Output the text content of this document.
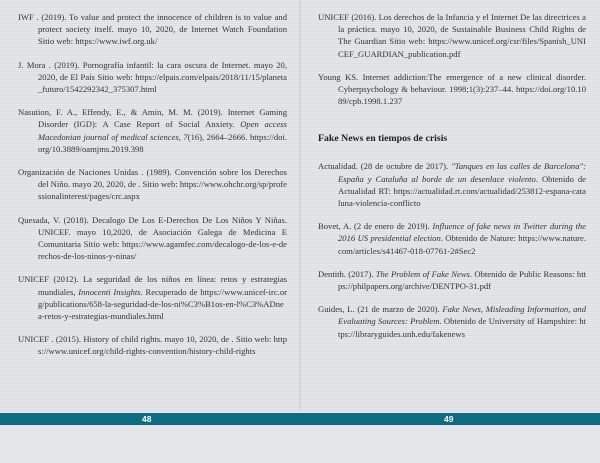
IWF . (2019). To value and protect the innocence of children is to value and protect society itself. mayo 10, 2020, de Internet Watch Foundation Sitio web: https://www.iwf.org.uk/

J. Mora . (2019). Pornografía infantil: la cara oscura de Internet. mayo 20, 2020, de El País Sitio web: https://elpais.com/elpais/2018/11/15/planeta_futuro/1542292342_375307.html

Nasution, F. A., Effendy, E., & Amin, M. M. (2019). Internet Gaming Disorder (IGD): A Case Report of Social Anxiety. Open access Macedonian journal of medical sciences, 7(16), 2664–2666. https://doi.org/10.3889/oamjms.2019.398

Organización de Naciones Unidas . (1989). Convención sobre los Derechos del Niño. mayo 20, 2020, de . Sitio web: https://www.ohchr.org/sp/professionalinterest/pages/crc.aspx

Quesada, V. (2018). Decalogo De Los E-Derechos De Los Niños Y Niñas. UNICEF. mayo 10,2020, de Asociación Galega de Medicina E Comunitaria Sitio web: https://www.agamfec.com/decalogo-de-los-e-derechos-de-los-ninos-y-ninas/

UNICEF (2012). La seguridad de los niños en línea: retos y estrategias mundiales, Innocenti Insights. Recuperado de https://www.unicef-irc.org/publications/658-la-seguridad-de-los-ni%C3%B1os-en-l%C3%ADnea-retos-y-estrategias-mundiales.html

UNICEF . (2015). History of child rights. mayo 10, 2020, de . Sitio web: https://www.unicef.org/child-rights-convention/history-child-rights

UNICEF (2016). Los derechos de la Infancia y el Internet De las directrices a la práctica. mayo 10, 2020, de Sustainable Business Child Rights de The Guardian Sitio web: https://www.unicef.org/csr/files/Spanish_UNICEF_GUARDIAN_publication.pdf

Young KS. Internet addiction:The emergence of a new clinical disorder. Cyberpsychology & behaviour. 1998;1(3):237–44. https://doi.org/10.1089/cpb.1998.1.237

Fake News en tiempos de crisis

Actualidad. (28 de octubre de 2017). "Tanques en las calles de Barcelona": España y Cataluña al borde de un desenlace violento. Obtenido de Actualidad RT: https://actualidad.rt.com/actualidad/253812-espana-cataluna-violencia-conflicto

Bovet, A. (2 de enero de 2019). Influence of fake news in Twitter during the 2016 US presidential election. Obtenido de Nature: https://www.nature.com/articles/s41467-018-07761-2#Sec2

Dentith. (2017). The Problem of Fake News. Obtenido de Public Reasons: https://philpapers.org/archive/DENTPO-31.pdf

Guides, L. (21 de marzo de 2020). Fake News, Misleading Information, and Evaluating Sources: Problem. Obtenido de University of Hampshire: https://libraryguides.unh.edu/fakenews

48	49
